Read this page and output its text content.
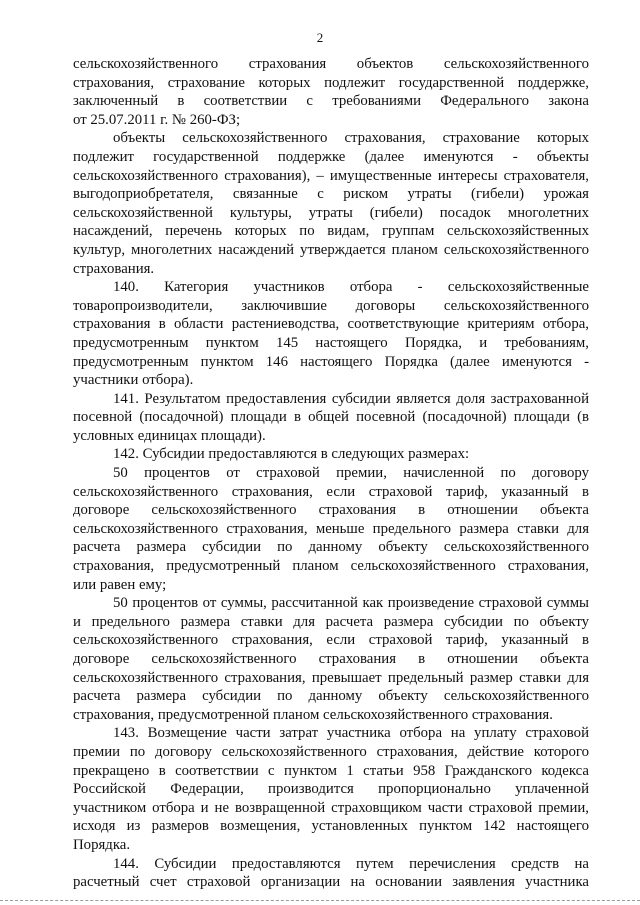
2
сельскохозяйственного страхования объектов сельскохозяйственного
страхования, страхование которых подлежит государственной поддержке,
заключенный в соответствии с требованиями Федерального закона
от 25.07.2011 г. № 260-ФЗ;
объекты сельскохозяйственного страхования, страхование которых
подлежит государственной поддержке (далее именуются - объекты
сельскохозяйственного страхования), – имущественные интересы страхователя,
выгодоприобретателя, связанные с риском утраты (гибели) урожая
сельскохозяйственной культуры, утраты (гибели) посадок многолетних
насаждений, перечень которых по видам, группам сельскохозяйственных
культур, многолетних насаждений утверждается планом сельскохозяйственного
страхования.
140. Категория участников отбора - сельскохозяйственные
товаропроизводители, заключившие договоры сельскохозяйственного
страхования в области растениеводства, соответствующие критериям отбора,
предусмотренным пунктом 145 настоящего Порядка, и требованиям,
предусмотренным пунктом 146 настоящего Порядка (далее именуются -
участники отбора).
141. Результатом предоставления субсидии является доля застрахованной
посевной (посадочной) площади в общей посевной (посадочной) площади (в
условных единицах площади).
142. Субсидии предоставляются в следующих размерах:
50 процентов от страховой премии, начисленной по договору
сельскохозяйственного страхования, если страховой тариф, указанный в
договоре сельскохозяйственного страхования в отношении объекта
сельскохозяйственного страхования, меньше предельного размера ставки для
расчета размера субсидии по данному объекту сельскохозяйственного
страхования, предусмотренный планом сельскохозяйственного страхования,
или равен ему;
50 процентов от суммы, рассчитанной как произведение страховой суммы
и предельного размера ставки для расчета размера субсидии по объекту
сельскохозяйственного страхования, если страховой тариф, указанный в
договоре сельскохозяйственного страхования в отношении объекта
сельскохозяйственного страхования, превышает предельный размер ставки для
расчета размера субсидии по данному объекту сельскохозяйственного
страхования, предусмотренной планом сельскохозяйственного страхования.
143. Возмещение части затрат участника отбора на уплату страховой
премии по договору сельскохозяйственного страхования, действие которого
прекращено в соответствии с пунктом 1 статьи 958 Гражданского кодекса
Российской Федерации, производится пропорционально уплаченной
участником отбора и не возвращенной страховщиком части страховой премии,
исходя из размеров возмещения, установленных пунктом 142 настоящего
Порядка.
144. Субсидии предоставляются путем перечисления средств на
расчетный счет страховой организации на основании заявления участника
